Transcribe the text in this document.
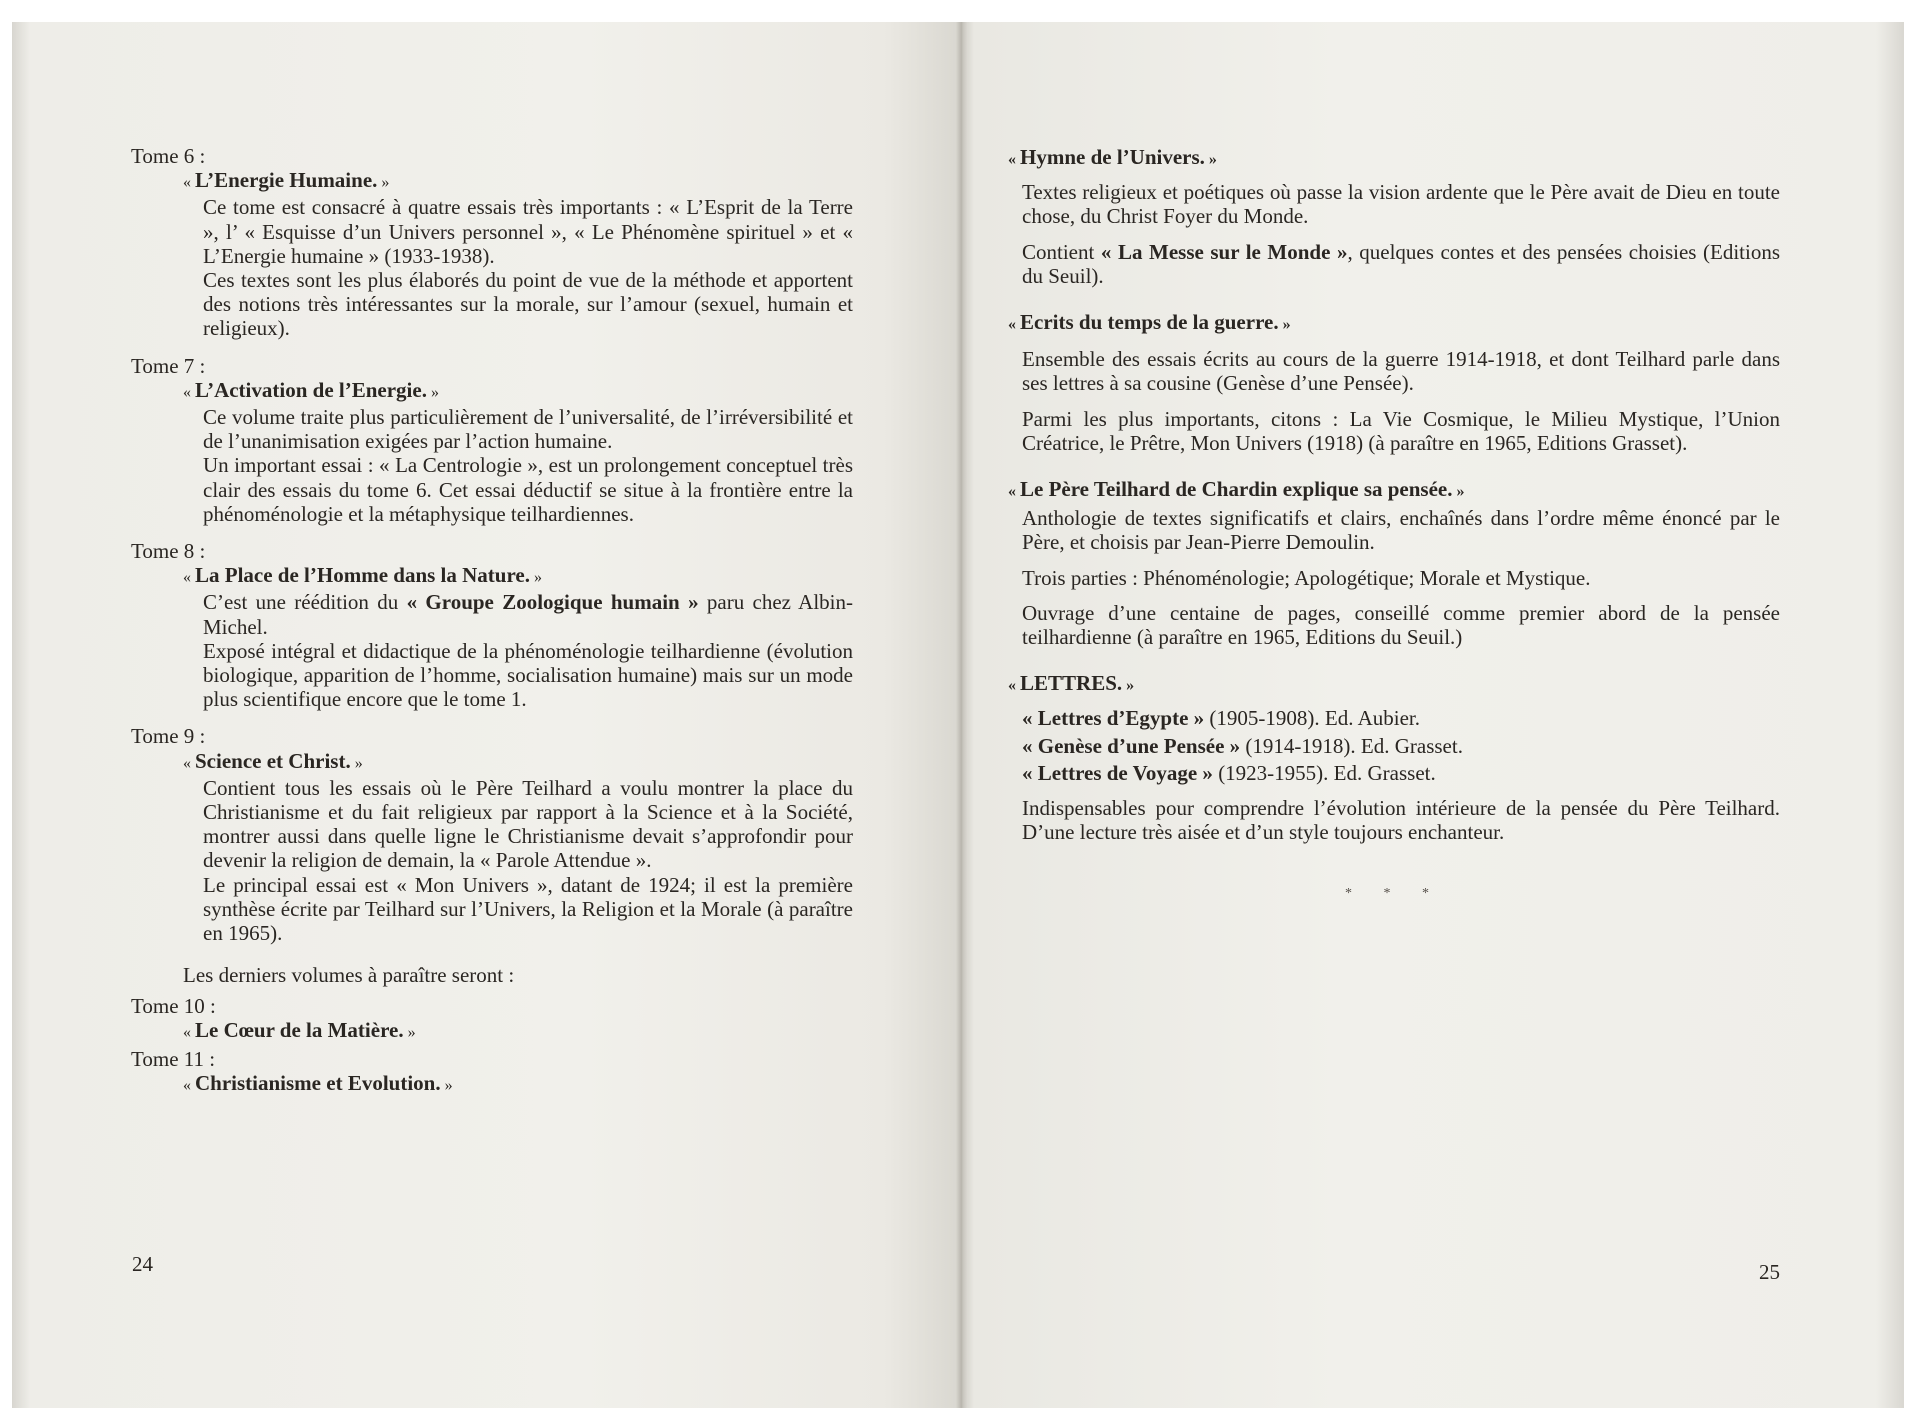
Tome 6 :
« L’Energie Humaine. »
Ce tome est consacré à quatre essais très importants : « L’Esprit de la Terre », l’ « Esquisse d’un Univers personnel », « Le Phénomène spirituel » et « L’Energie humaine » (1933-1938).
Ces textes sont les plus élaborés du point de vue de la méthode et apportent des notions très intéressantes sur la morale, sur l’amour (sexuel, humain et religieux).
Tome 7 :
« L’Activation de l’Energie. »
Ce volume traite plus particulièrement de l’universalité, de l’irréversibilité et de l’unanimisation exigées par l’action humaine.
Un important essai : « La Centrologie », est un prolongement conceptuel très clair des essais du tome 6. Cet essai déductif se situe à la frontière entre la phénoménologie et la métaphysique teilhardiennes.
Tome 8 :
« La Place de l’Homme dans la Nature. »
C’est une réédition du « Groupe Zoologique humain » paru chez Albin-Michel.
Exposé intégral et didactique de la phénoménologie teilhardienne (évolution biologique, apparition de l’homme, socialisation humaine) mais sur un mode plus scientifique encore que le tome 1.
Tome 9 :
« Science et Christ. »
Contient tous les essais où le Père Teilhard a voulu montrer la place du Christianisme et du fait religieux par rapport à la Science et à la Société, montrer aussi dans quelle ligne le Christianisme devait s’approfondir pour devenir la religion de demain, la « Parole Attendue ».
Le principal essai est « Mon Univers », datant de 1924; il est la première synthèse écrite par Teilhard sur l’Univers, la Religion et la Morale (à paraître en 1965).
Les derniers volumes à paraître seront :
Tome 10 :
« Le Cœur de la Matière. »
Tome 11 :
« Christianisme et Evolution. »
24
« Hymne de l’Univers. »
Textes religieux et poétiques où passe la vision ardente que le Père avait de Dieu en toute chose, du Christ Foyer du Monde.
Contient « La Messe sur le Monde », quelques contes et des pensées choisies (Editions du Seuil).
« Ecrits du temps de la guerre. »
Ensemble des essais écrits au cours de la guerre 1914-1918, et dont Teilhard parle dans ses lettres à sa cousine (Genèse d’une Pensée).
Parmi les plus importants, citons : La Vie Cosmique, le Milieu Mystique, l’Union Créatrice, le Prêtre, Mon Univers (1918) (à paraître en 1965, Editions Grasset).
« Le Père Teilhard de Chardin explique sa pensée. »
Anthologie de textes significatifs et clairs, enchaînés dans l’ordre même énoncé par le Père, et choisis par Jean-Pierre Demoulin.
Trois parties : Phénoménologie; Apologétique; Morale et Mystique.
Ouvrage d’une centaine de pages, conseillé comme premier abord de la pensée teilhardienne (à paraître en 1965, Editions du Seuil.)
« LETTRES. »
« Lettres d’Egypte » (1905-1908). Ed. Aubier.
« Genèse d’une Pensée » (1914-1918). Ed. Grasset.
« Lettres de Voyage » (1923-1955). Ed. Grasset.
Indispensables pour comprendre l’évolution intérieure de la pensée du Père Teilhard. D’une lecture très aisée et d’un style toujours enchanteur.
* * *
25
